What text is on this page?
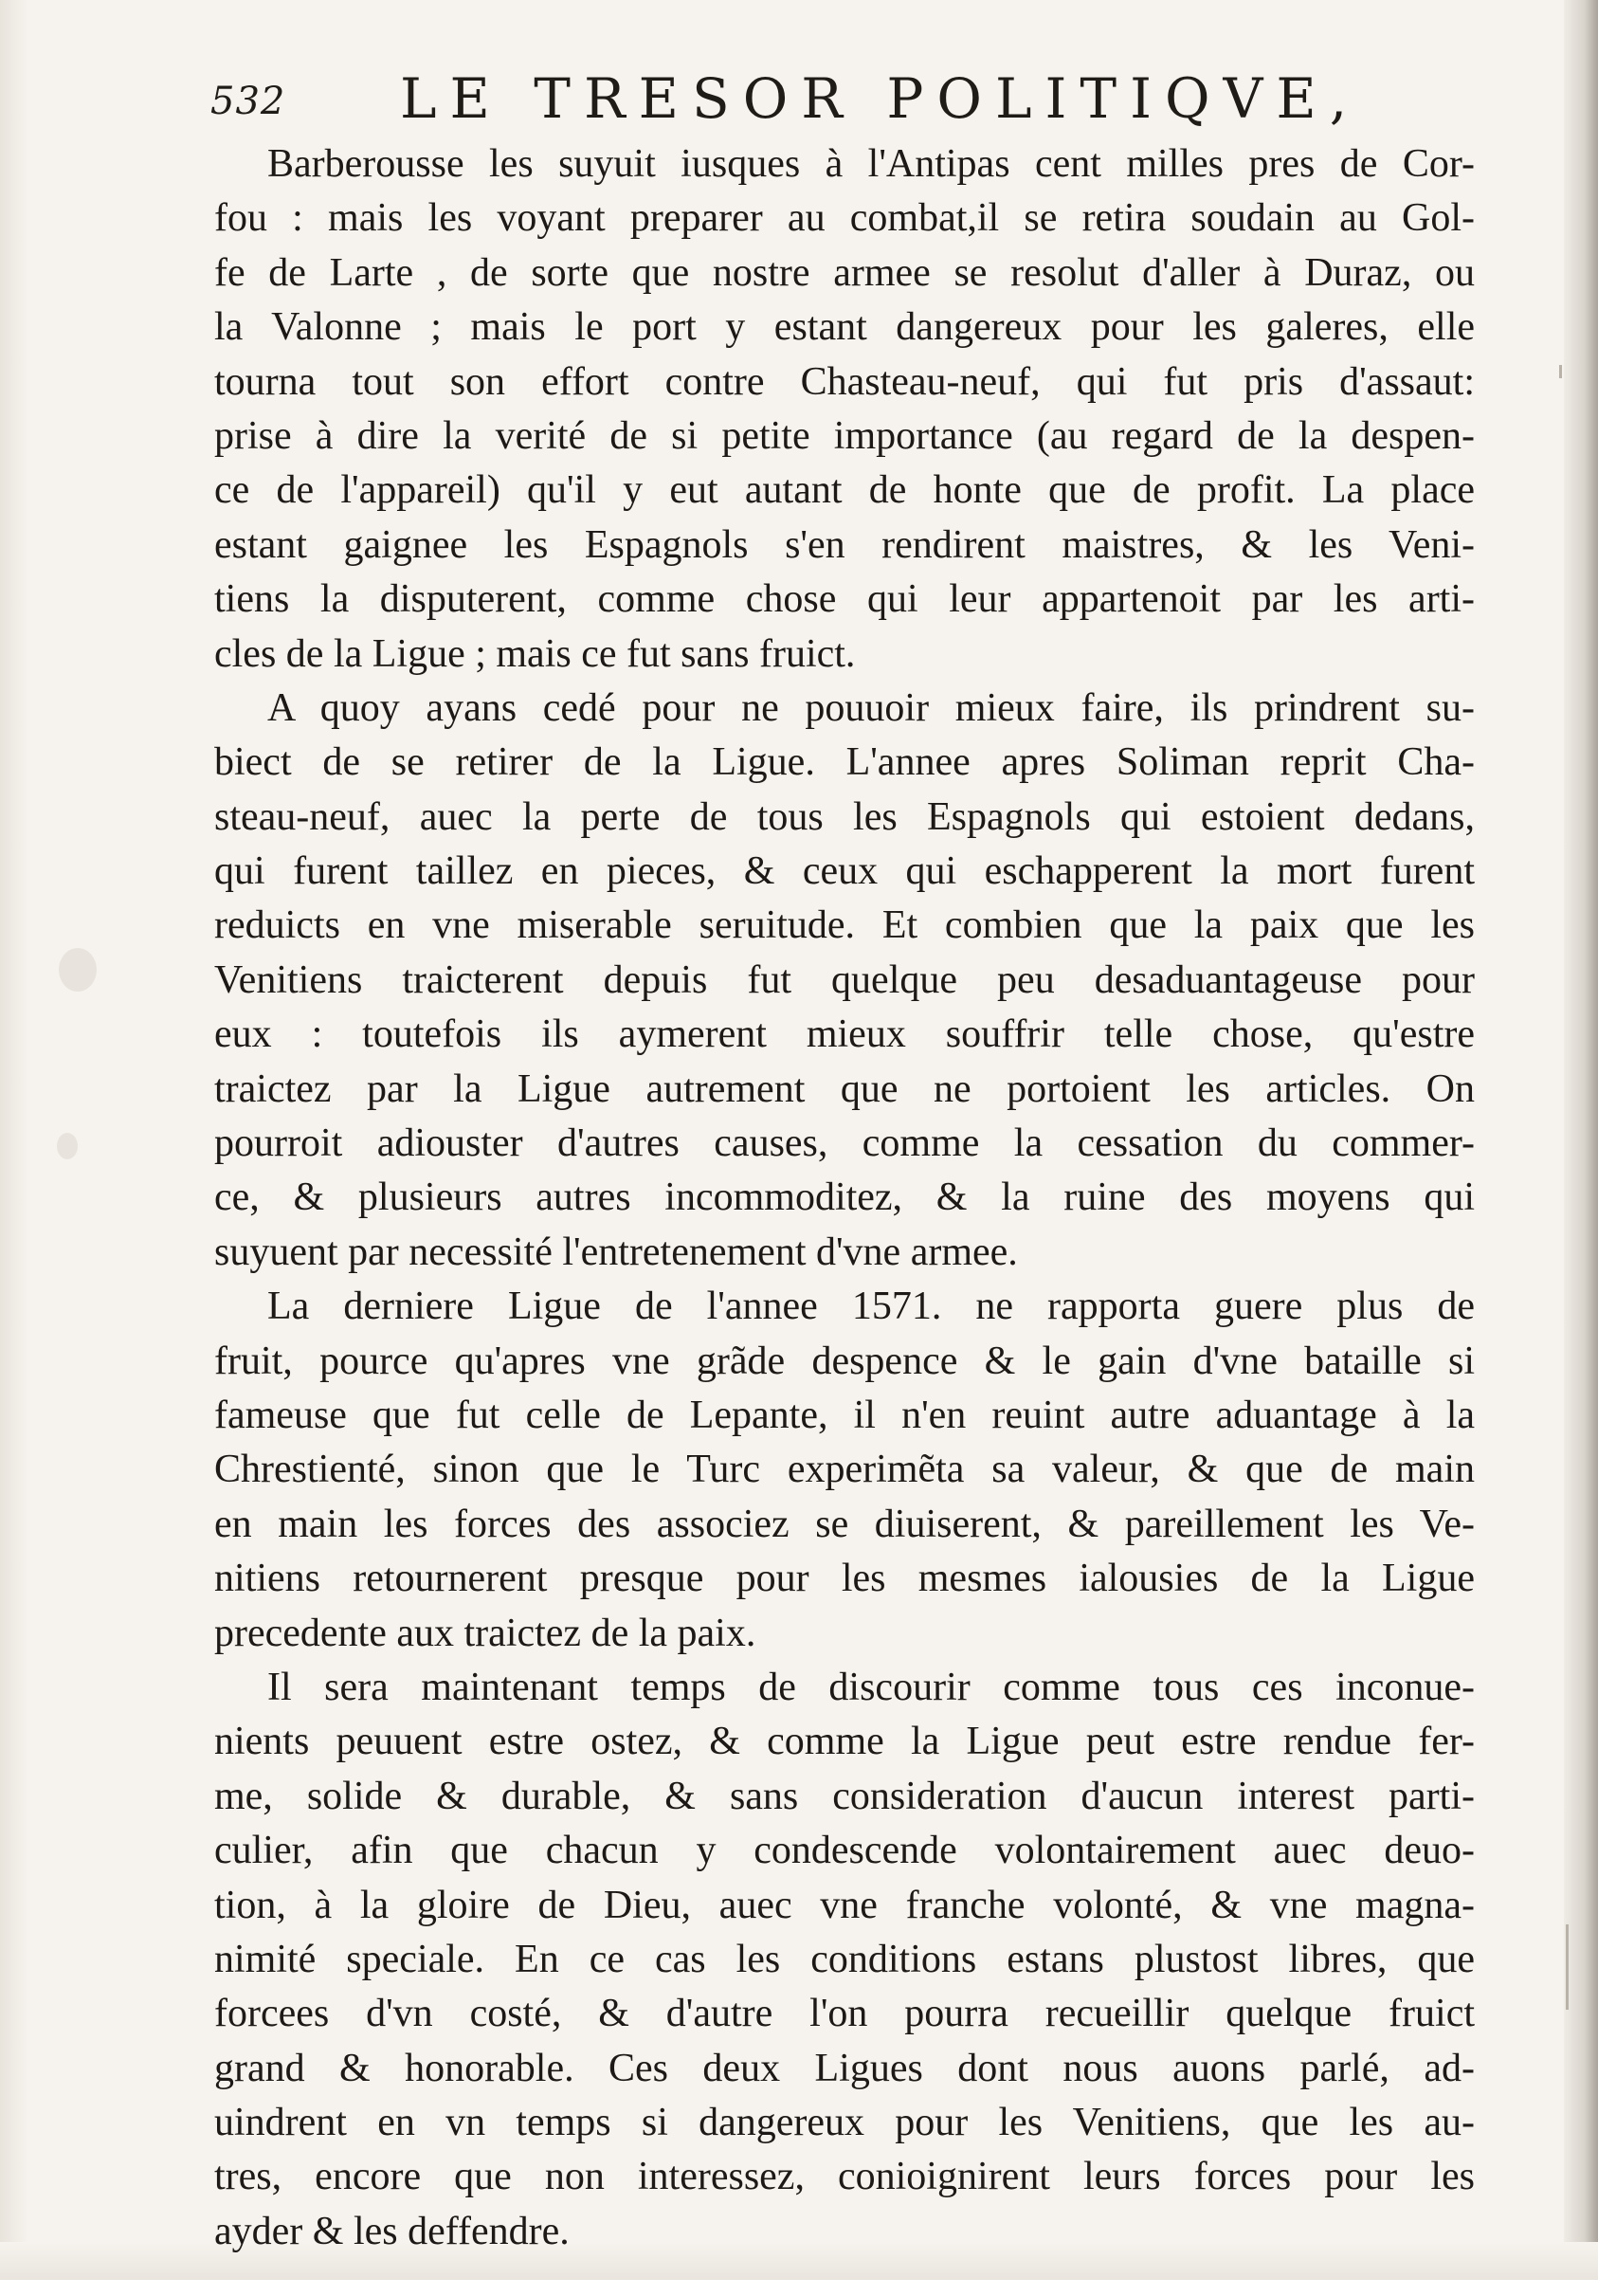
532 LE TRESOR POLITIQVE,
Barberousse les suyuit iusques à l'Antipas cent milles pres de Cor-
fou : mais les voyant preparer au combat,il se retira soudain au Gol-
fe de Larte , de sorte que nostre armee se resolut d'aller à Duraz, ou
la Valonne ; mais le port y estant dangereux pour les galeres, elle
tourna tout son effort contre Chasteau-neuf, qui fut pris d'assaut:
prise à dire la verité de si petite importance (au regard de la despen-
ce de l'appareil) qu'il y eut autant de honte que de profit. La place
estant gaignee les Espagnols s'en rendirent maistres, & les Veni-
tiens la disputerent, comme chose qui leur appartenoit par les arti-
cles de la Ligue ; mais ce fut sans fruict.
A quoy ayans cedé pour ne pouuoir mieux faire, ils prindrent su-
biect de se retirer de la Ligue. L'annee apres Soliman reprit Cha-
steau-neuf, auec la perte de tous les Espagnols qui estoient dedans,
qui furent taillez en pieces, & ceux qui eschapperent la mort furent
reduicts en vne miserable seruitude. Et combien que la paix que les
Venitiens traicterent depuis fut quelque peu desaduantageuse pour
eux : toutefois ils aymerent mieux souffrir telle chose, qu'estre
traictez par la Ligue autrement que ne portoient les articles. On
pourroit adiouster d'autres causes, comme la cessation du commer-
ce, & plusieurs autres incommoditez, & la ruine des moyens qui
suyuent par necessité l'entretenement d'vne armee.
La derniere Ligue de l'annee 1571. ne rapporta guere plus de
fruit, pource qu'apres vne grãde despence & le gain d'vne bataille si
fameuse que fut celle de Lepante, il n'en reuint autre aduantage à la
Chrestienté, sinon que le Turc experimẽta sa valeur, & que de main
en main les forces des associez se diuiserent, & pareillement les Ve-
nitiens retournerent presque pour les mesmes ialousies de la Ligue
precedente aux traictez de la paix.
Il sera maintenant temps de discourir comme tous ces inconue-
nients peuuent estre ostez, & comme la Ligue peut estre rendue fer-
me, solide & durable, & sans consideration d'aucun interest parti-
culier, afin que chacun y condescende volontairement auec deuo-
tion, à la gloire de Dieu, auec vne franche volonté, & vne magna-
nimité speciale. En ce cas les conditions estans plustost libres, que
forcees d'vn costé, & d'autre l'on pourra recueillir quelque fruict
grand & honorable. Ces deux Ligues dont nous auons parlé, ad-
uindrent en vn temps si dangereux pour les Venitiens, que les au-
tres, encore que non interessez, conioignirent leurs forces pour les
ayder & les deffendre.
